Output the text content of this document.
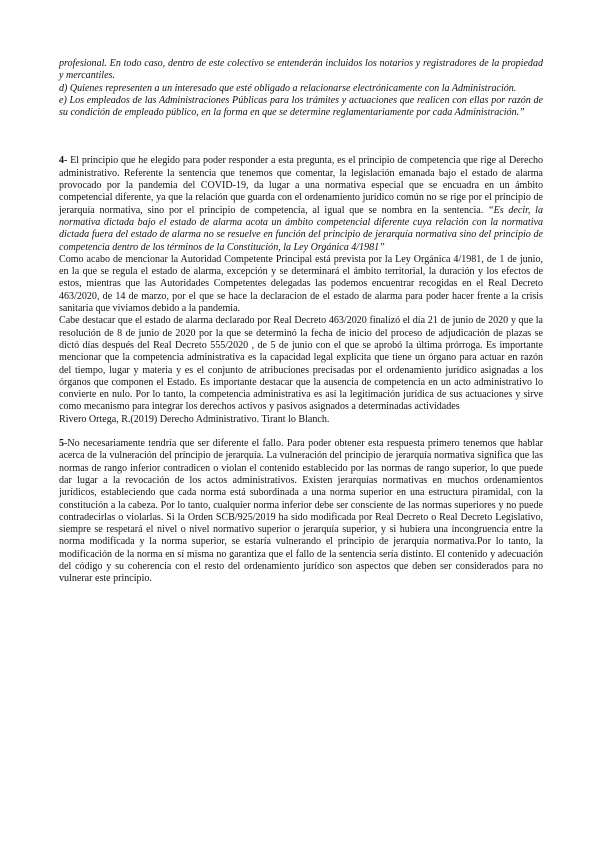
profesional. En todo caso, dentro de este colectivo se entenderán incluidos los notarios y registradores de la propiedad y mercantiles.

d) Quienes representen a un interesado que esté obligado a relacionarse electrónicamente con la Administración.

e) Los empleados de las Administraciones Públicas para los trámites y actuaciones que realicen con ellas por razón de su condición de empleado público, en la forma en que se determine reglamentariamente por cada Administración.”

4- El principio que he elegido para poder responder a esta pregunta, es el principio de competencia que rige al Derecho administrativo. Referente la sentencia que tenemos que comentar, la legislación emanada bajo el estado de alarma provocado por la pandemia del COVID-19, da lugar a una normativa especial que se encuadra en un ámbito competencial diferente, ya que la relación que guarda con el ordenamiento jurídico común no se rige por el principio de jerarquía normativa, sino por el principio de competencia, al igual que se nombra en la sentencia. “Es decir, la normativa dictada bajo el estado de alarma acota un ámbito competencial diferente cuya relación con la normativa dictada fuera del estado de alarma no se resuelve en función del principio de jerarquía normativa sino del principio de competencia dentro de los términos de la Constitución, la Ley Orgánica 4/1981”

Como acabo de mencionar la Autoridad Competente Principal está prevista por la Ley Orgánica 4/1981, de 1 de junio, en la que se regula el estado de alarma, excepción y se determinará el ámbito territorial, la duración y los efectos de estos, mientras que las Autoridades Competentes delegadas las podemos encuentrar recogidas en el Real Decreto 463/2020, de 14 de marzo, por el que se hace la declaracion de el estado de alarma para poder hacer frente a la crisis sanitaria que viviamos debido a la pandemia.

Cabe destacar que el estado de alarma declarado por Real Decreto 463/2020 finalizó el día 21 de junio de 2020 y que la resolución de 8 de junio de 2020 por la que se determinó la fecha de inicio del proceso de adjudicación de plazas se dictó días después del Real Decreto 555/2020 , de 5 de junio con el que se aprobó la última prórroga. Es importante mencionar que la competencia administrativa es la capacidad legal explícita que tiene un órgano para actuar en razón del tiempo, lugar y materia y es el conjunto de atribuciones precisadas por el ordenamiento jurídico asignadas a los órganos que componen el Estado. Es importante destacar que la ausencia de competencia en un acto administrativo lo convierte en nulo. Por lo tanto, la competencia administrativa es así la legitimación jurídica de sus actuaciones y sirve como mecanismo para integrar los derechos activos y pasivos asignados a determinadas actividades

Rivero Ortega, R.(2019) Derecho Administrativo. Tirant lo Blanch.

5-No necesariamente tendría que ser diferente el fallo. Para poder obtener esta respuesta primero tenemos que hablar acerca de la vulneración del principio de jerarquía. La vulneración del principio de jerarquía normativa significa que las normas de rango inferior contradicen o violan el contenido establecido por las normas de rango superior, lo que puede dar lugar a la revocación de los actos administrativos. Existen jerarquías normativas en muchos ordenamientos jurídicos, estableciendo que cada norma está subordinada a una norma superior en una estructura piramidal, con la constitución a la cabeza. Por lo tanto, cualquier norma inferior debe ser consciente de las normas superiores y no puede contradecirlas o violarlas. Si la Orden SCB/925/2019 ha sido modificada por Real Decreto o Real Decreto Legislativo, siempre se respetará el nivel o nivel normativo superior o jerarquía superior, y si hubiera una incongruencia entre la norma modificada y la norma superior, se estaría vulnerando el principio de jerarquía normativa.Por lo tanto, la modificación de la norma en sí misma no garantiza que el fallo de la sentencia sería distinto. El contenido y adecuación del código y su coherencia con el resto del ordenamiento jurídico son aspectos que deben ser considerados para no vulnerar este principio.
